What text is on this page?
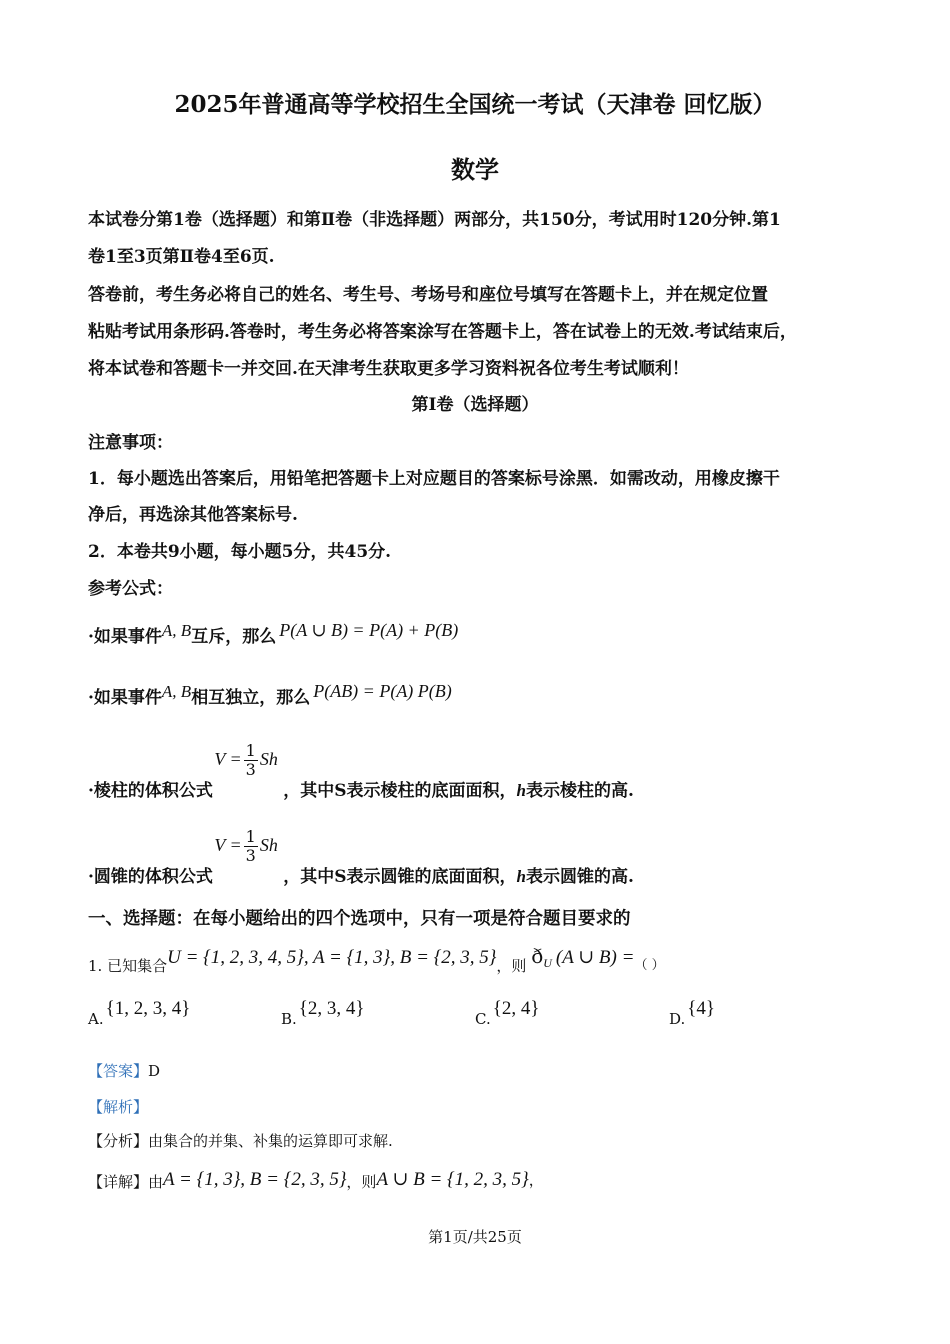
2025年普通高等学校招生全国统一考试（天津卷 回忆版）
数学
本试卷分第1卷（选择题）和第Ⅱ卷（非选择题）两部分，共150分，考试用时120分钟.第1
卷1至3页第Ⅱ卷4至6页.
答卷前，考生务必将自己的姓名、考生号、考场号和座位号填写在答题卡上，并在规定位置
粘贴考试用条形码.答卷时，考生务必将答案涂写在答题卡上，答在试卷上的无效.考试结束后，
将本试卷和答题卡一并交回.在天津考生获取更多学习资料祝各位考生考试顺利！
第I卷（选择题）
注意事项：
1．每小题选出答案后，用铅笔把答题卡上对应题目的答案标号涂黑．如需改动，用橡皮擦干
净后，再选涂其他答案标号.
2．本卷共9小题，每小题5分，共45分.
参考公式：
·如果事件A, B互斥，那么 P(A ∪ B) = P(A) + P(B)
·如果事件A, B相互独立，那么 P(AB) = P(A) P(B)
·棱柱的体积公式 $V = \frac{1}{3}$ Sh ，其中S表示棱柱的底面面积，h表示棱柱的高.
·圆锥的体积公式 $V = \frac{1}{3}$ Sh ，其中S表示圆锥的底面面积，h表示圆锥的高.
一、选择题：在每小题给出的四个选项中，只有一项是符合题目要求的
1. 已知集合U = {1, 2, 3, 4, 5}, A = {1, 3}, B = {2, 3, 5}，则 $ð_U$ (A ∪ B) =（ ）
A. {1, 2, 3, 4}	B. {2, 3, 4}	C. {2, 4}	D. {4}
【答案】D
【解析】
【分析】由集合的并集、补集的运算即可求解.
【详解】由A = {1, 3}, B = {2, 3, 5}，则A ∪ B = {1, 2, 3, 5}，
第1页/共25页
